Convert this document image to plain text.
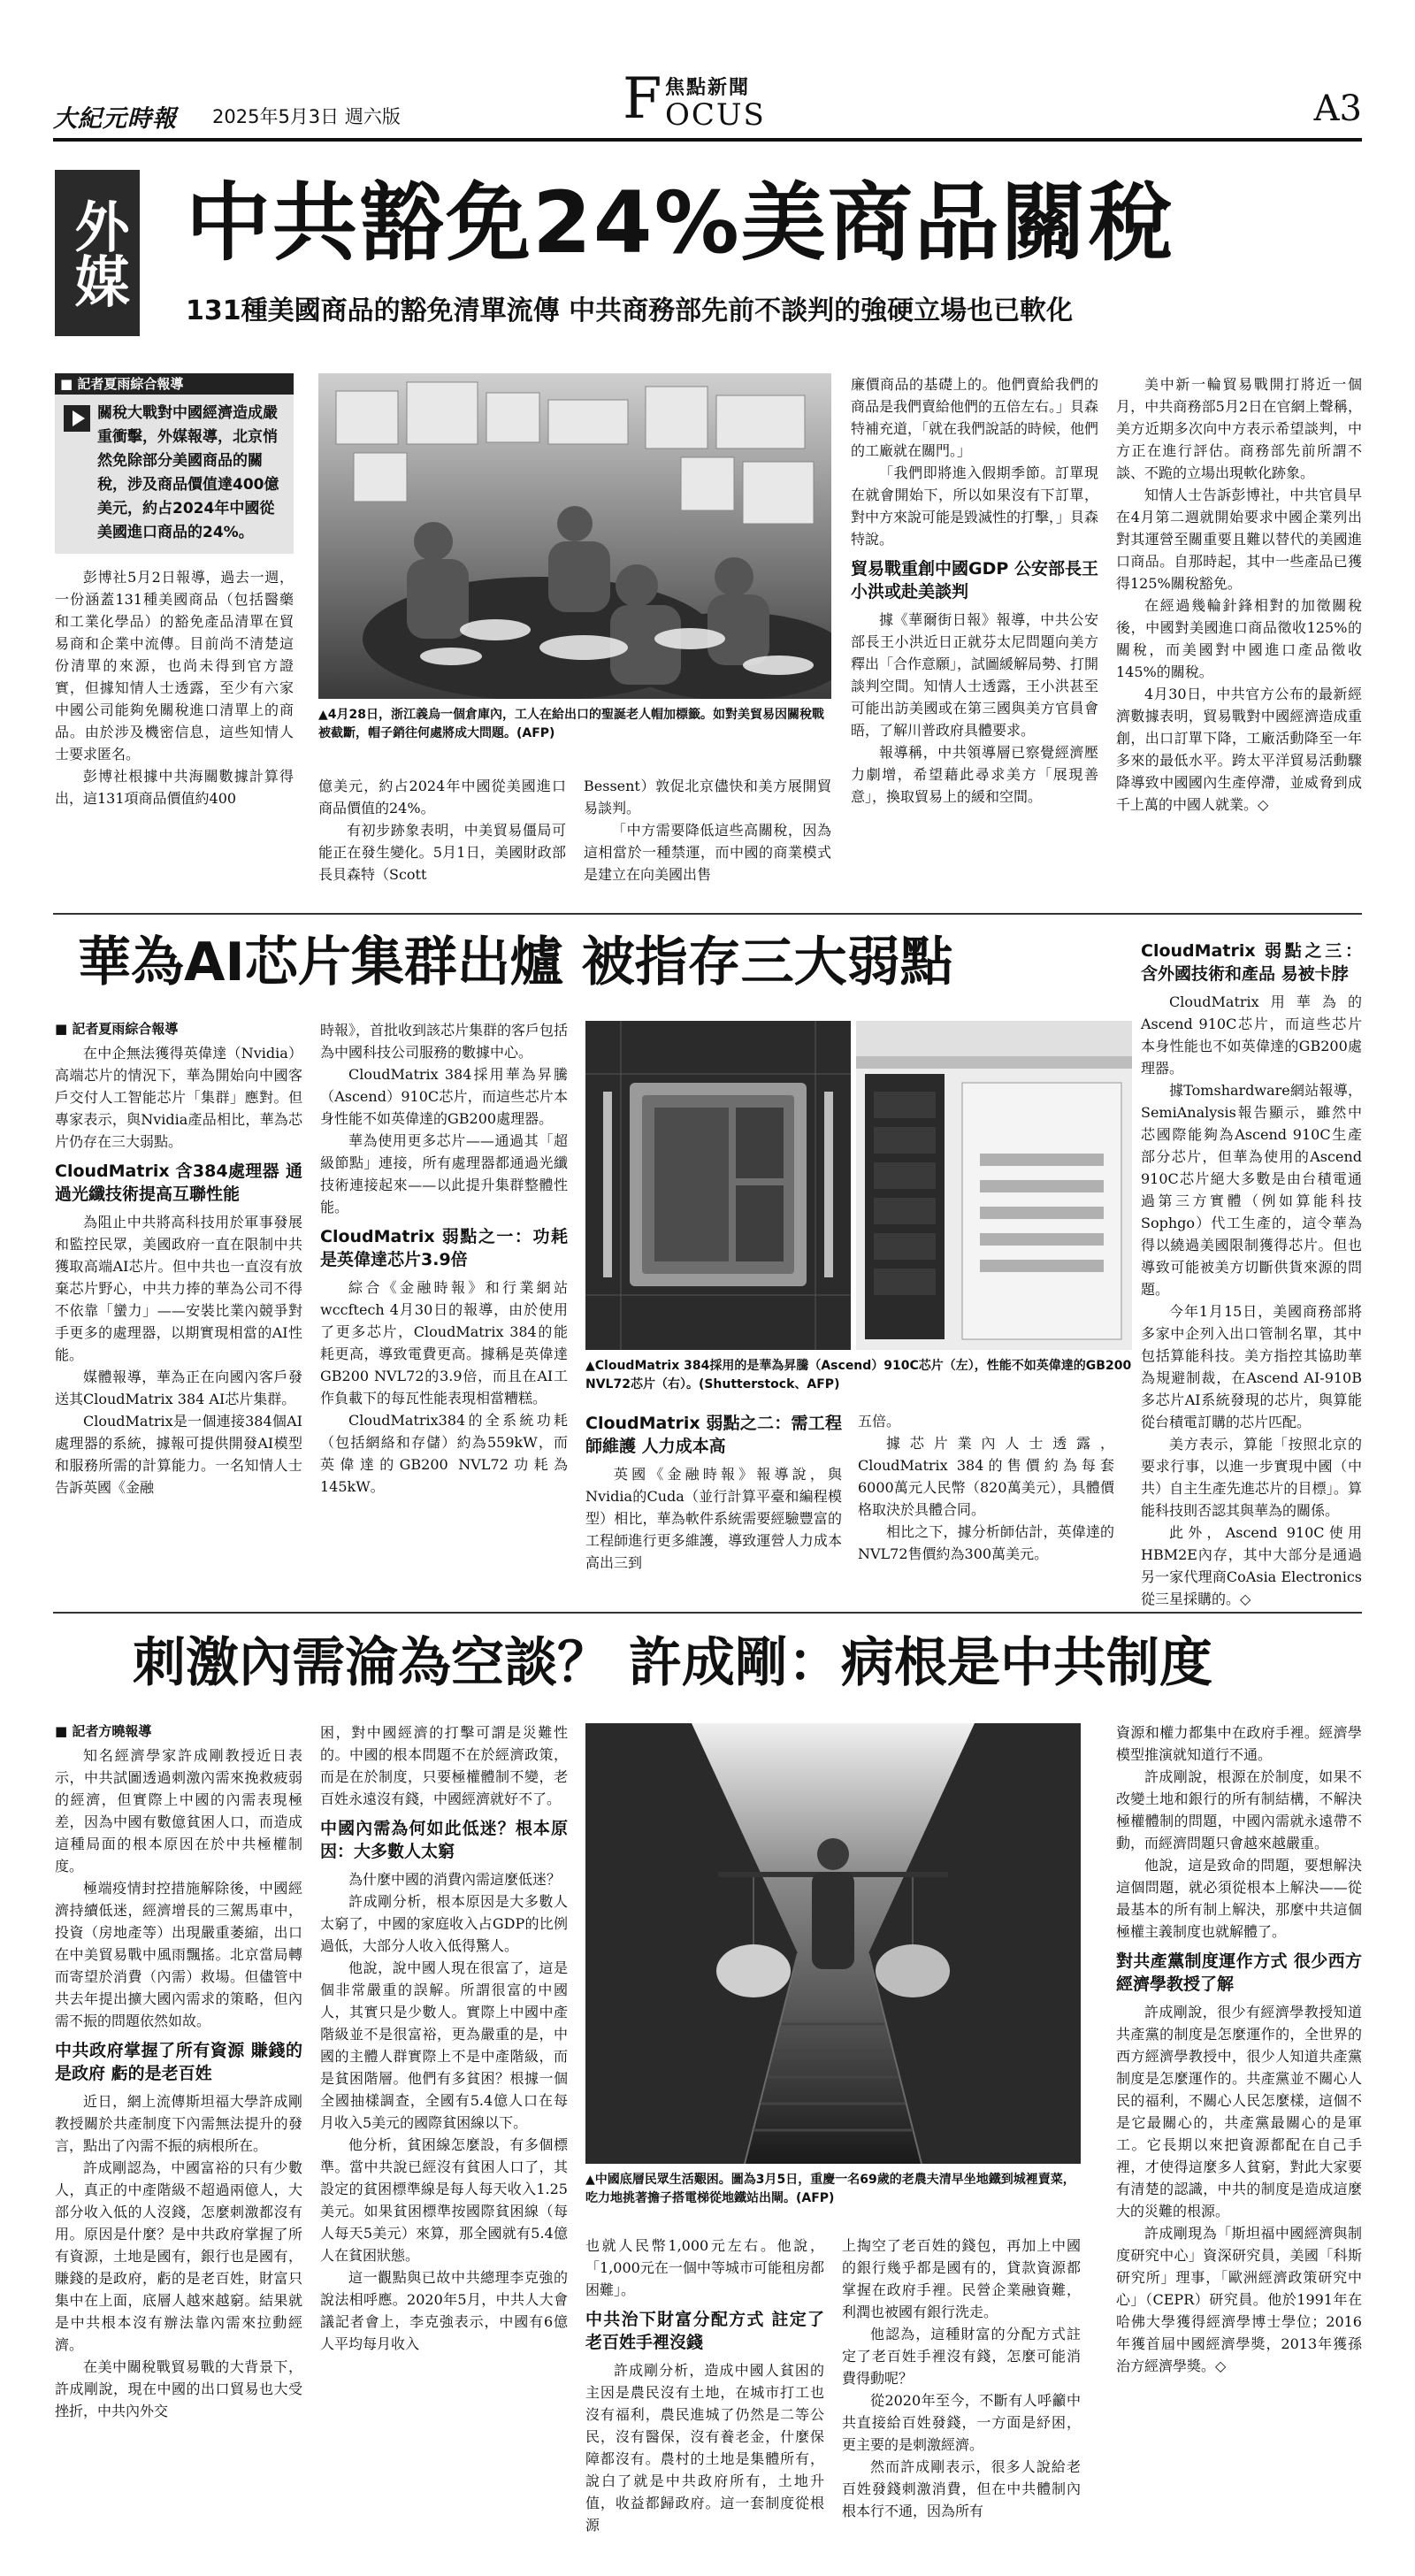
大紀元時報 2025年5月3日 週六版	F 焦點新聞
OCUS	A3
外媒 中共豁免24%美商品關稅
131種美國商品的豁免清單流傳 中共商務部先前不談判的強硬立場也已軟化
■ 記者夏雨綜合報導
關稅大戰對中國經濟造成嚴重衝擊，外媒報導，北京悄然免除部分美國商品的關稅，涉及商品價值達400億美元，約占2024年中國從美國進口商品的24%。

彭博社5月2日報導，過去一週，一份涵蓋131種美國商品（包括醫藥和工業化學品）的豁免產品清單在貿易商和企業中流傳。目前尚不清楚這份清單的來源，也尚未得到官方證實，但據知情人士透露，至少有六家中國公司能夠免關稅進口清單上的商品。由於涉及機密信息，這些知情人士要求匿名。

彭博社根據中共海關數據計算得出，這131項商品價值約400

▲4月28日，浙江義烏一個倉庫內，工人在給出口的聖誕老人帽加標籤。如對美貿易因關稅戰被截斷，帽子銷往何處將成大問題。(AFP)

億美元，約占2024年中國從美國進口商品價值的24%。

有初步跡象表明，中美貿易僵局可能正在發生變化。5月1日，美國財政部長貝森特（Scott

Bessent）敦促北京儘快和美方展開貿易談判。

「中方需要降低這些高關稅，因為這相當於一種禁運，而中國的商業模式是建立在向美國出售

廉價商品的基礎上的。他們賣給我們的商品是我們賣給他們的五倍左右。」貝森特補充道，「就在我們說話的時候，他們的工廠就在關門。」

「我們即將進入假期季節。訂單現在就會開始下，所以如果沒有下訂單，對中方來說可能是毀滅性的打擊，」貝森特說。

貿易戰重創中國GDP 公安部長王小洪或赴美談判

據《華爾街日報》報導，中共公安部長王小洪近日正就芬太尼問題向美方釋出「合作意願」，試圖緩解局勢、打開談判空間。知情人士透露，王小洪甚至可能出訪美國或在第三國與美方官員會晤，了解川普政府具體要求。

報導稱，中共領導層已察覺經濟壓力劇增，希望藉此尋求美方「展現善意」，換取貿易上的緩和空間。

美中新一輪貿易戰開打將近一個月，中共商務部5月2日在官網上聲稱，美方近期多次向中方表示希望談判，中方正在進行評估。商務部先前所謂不談、不跪的立場出現軟化跡象。

知情人士告訴彭博社，中共官員早在4月第二週就開始要求中國企業列出對其運營至關重要且難以替代的美國進口商品。自那時起，其中一些產品已獲得125%關稅豁免。

在經過幾輪針鋒相對的加徵關稅後，中國對美國進口商品徵收125%的關稅，而美國對中國進口產品徵收145%的關稅。

4月30日，中共官方公布的最新經濟數據表明，貿易戰對中國經濟造成重創，出口訂單下降，工廠活動降至一年多來的最低水平。跨太平洋貿易活動驟降導致中國國內生產停滯，並威脅到成千上萬的中國人就業。◇

華為AI芯片集群出爐 被指存三大弱點
■ 記者夏雨綜合報導

在中企無法獲得英偉達（Nvidia）高端芯片的情況下，華為開始向中國客戶交付人工智能芯片「集群」應對。但專家表示，與Nvidia產品相比，華為芯片仍存在三大弱點。

CloudMatrix 含384處理器 通過光纖技術提高互聯性能

為阻止中共將高科技用於軍事發展和監控民眾，美國政府一直在限制中共獲取高端AI芯片。但中共也一直沒有放棄芯片野心，中共力捧的華為公司不得不依靠「蠻力」——安裝比業內競爭對手更多的處理器，以期實現相當的AI性能。

媒體報導，華為正在向國內客戶發送其CloudMatrix 384 AI芯片集群。

CloudMatrix是一個連接384個AI處理器的系統，據報可提供開發AI模型和服務所需的計算能力。一名知情人士告訴英國《金融

時報》，首批收到該芯片集群的客戶包括為中國科技公司服務的數據中心。

CloudMatrix 384採用華為昇騰（Ascend）910C芯片，而這些芯片本身性能不如英偉達的GB200處理器。

華為使用更多芯片——通過其「超級節點」連接，所有處理器都通過光纖技術連接起來——以此提升集群整體性能。

CloudMatrix 弱點之一：功耗是英偉達芯片3.9倍

綜合《金融時報》和行業網站wccftech 4月30日的報導，由於使用了更多芯片，CloudMatrix 384的能耗更高，導致電費更高。據稱是英偉達GB200 NVL72的3.9倍，而且在AI工作負載下的每瓦性能表現相當糟糕。

CloudMatrix384的全系統功耗（包括網絡和存儲）約為559kW，而英偉達的GB200 NVL72功耗為145kW。

▲CloudMatrix 384採用的是華為昇騰（Ascend）910C芯片（左），性能不如英偉達的GB200 NVL72芯片（右）。(Shutterstock、AFP)
CloudMatrix 弱點之二：需工程師維護 人力成本高

英國《金融時報》報導說，與Nvidia的Cuda（並行計算平臺和編程模型）相比，華為軟件系統需要經驗豐富的工程師進行更多維護，導致運營人力成本高出三到

五倍。

據芯片業內人士透露，CloudMatrix 384的售價約為每套6000萬元人民幣（820萬美元），具體價格取決於具體合同。

相比之下，據分析師估計，英偉達的NVL72售價約為300萬美元。

CloudMatrix 弱點之三：含外國技術和產品 易被卡脖

CloudMatrix用華為的Ascend 910C芯片，而這些芯片本身性能也不如英偉達的GB200處理器。

據Tomshardware網站報導，SemiAnalysis報告顯示，雖然中芯國際能夠為Ascend 910C生產部分芯片，但華為使用的Ascend 910C芯片絕大多數是由台積電通過第三方實體（例如算能科技Sophgo）代工生產的，這令華為得以繞過美國限制獲得芯片。但也導致可能被美方切斷供貨來源的問題。

今年1月15日，美國商務部將多家中企列入出口管制名單，其中包括算能科技。美方指控其協助華為規避制裁，在Ascend AI-910B多芯片AI系統發現的芯片，與算能從台積電訂購的芯片匹配。

美方表示，算能「按照北京的要求行事，以進一步實現中國（中共）自主生產先進芯片的目標」。算能科技則否認其與華為的關係。

此外，Ascend 910C使用HBM2E內存，其中大部分是通過另一家代理商CoAsia Electronics從三星採購的。◇

刺激內需淪為空談？ 許成剛：病根是中共制度
■ 記者方曉報導

知名經濟學家許成剛教授近日表示，中共試圖透過刺激內需來挽救疲弱的經濟，但實際上中國的內需表現極差，因為中國有數億貧困人口，而造成這種局面的根本原因在於中共極權制度。

極端疫情封控措施解除後，中國經濟持續低迷，經濟增長的三駕馬車中，投資（房地產等）出現嚴重萎縮，出口在中美貿易戰中風雨飄搖。北京當局轉而寄望於消費（內需）救場。但儘管中共去年提出擴大國內需求的策略，但內需不振的問題依然如故。

中共政府掌握了所有資源 賺錢的是政府 虧的是老百姓

近日，網上流傳斯坦福大學許成剛教授關於共產制度下內需無法提升的發言，點出了內需不振的病根所在。

許成剛認為，中國富裕的只有少數人，真正的中產階級不超過兩億人，大部分收入低的人沒錢，怎麼刺激都沒有用。原因是什麼？是中共政府掌握了所有資源，土地是國有，銀行也是國有，賺錢的是政府，虧的是老百姓，財富只集中在上面，底層人越來越窮。結果就是中共根本沒有辦法靠內需來拉動經濟。

在美中關稅戰貿易戰的大背景下，許成剛說，現在中國的出口貿易也大受挫折，中共內外交

困，對中國經濟的打擊可謂是災難性的。中國的根本問題不在於經濟政策，而是在於制度，只要極權體制不變，老百姓永遠沒有錢，中國經濟就好不了。

中國內需為何如此低迷？根本原因：大多數人太窮

為什麼中國的消費內需這麼低迷？

許成剛分析，根本原因是大多數人太窮了，中國的家庭收入占GDP的比例過低，大部分人收入低得驚人。

他說，說中國人現在很富了，這是個非常嚴重的誤解。所謂很富的中國人，其實只是少數人。實際上中國中產階級並不是很富裕，更為嚴重的是，中國的主體人群實際上不是中產階級，而是貧困階層。他們有多貧困？根據一個全國抽樣調查，全國有5.4億人口在每月收入5美元的國際貧困線以下。

他分析，貧困線怎麼設，有多個標準。當中共說已經沒有貧困人口了，其設定的貧困標準線是每人每天收入1.25美元。如果貧困標準按國際貧困線（每人每天5美元）來算，那全國就有5.4億人在貧困狀態。

這一觀點與已故中共總理李克強的說法相呼應。2020年5月，中共人大會議記者會上，李克強表示，中國有6億人平均每月收入

▲中國底層民眾生活艱困。圖為3月5日，重慶一名69歲的老農夫清早坐地鐵到城裡賣菜，吃力地挑著擔子搭電梯從地鐵站出閘。(AFP)

也就人民幣1,000元左右。他說，「1,000元在一個中等城市可能租房都困難」。

中共治下財富分配方式 註定了老百姓手裡沒錢

許成剛分析，造成中國人貧困的主因是農民沒有土地，在城市打工也沒有福利，農民進城了仍然是二等公民，沒有醫保，沒有養老金，什麼保障都沒有。農村的土地是集體所有，說白了就是中共政府所有，土地升值，收益都歸政府。這一套制度從根源

上掏空了老百姓的錢包，再加上中國的銀行幾乎都是國有的，貸款資源都掌握在政府手裡。民營企業融資難，利潤也被國有銀行洗走。

他認為，這種財富的分配方式註定了老百姓手裡沒有錢，怎麼可能消費得動呢？

從2020年至今，不斷有人呼籲中共直接給百姓發錢，一方面是紓困，更主要的是刺激經濟。

然而許成剛表示，很多人說給老百姓發錢刺激消費，但在中共體制內根本行不通，因為所有

資源和權力都集中在政府手裡。經濟學模型推演就知道行不通。

許成剛說，根源在於制度，如果不改變土地和銀行的所有制結構，不解決極權體制的問題，中國內需就永遠帶不動，而經濟問題只會越來越嚴重。

他說，這是致命的問題，要想解決這個問題，就必須從根本上解決——從最基本的所有制上解決，那麼中共這個極權主義制度也就解體了。

對共產黨制度運作方式 很少西方經濟學教授了解

許成剛說，很少有經濟學教授知道共產黨的制度是怎麼運作的，全世界的西方經濟學教授中，很少人知道共產黨制度是怎麼運作的。共產黨並不關心人民的福利，不關心人民怎麼樣，這個不是它最關心的，共產黨最關心的是軍工。它長期以來把資源都配在自己手裡，才使得這麼多人貧窮，對此大家要有清楚的認識，中共的制度是造成這麼大的災難的根源。

許成剛現為「斯坦福中國經濟與制度研究中心」資深研究員，美國「科斯研究所」理事，「歐洲經濟政策研究中心」（CEPR）研究員。他於1991年在哈佛大學獲得經濟學博士學位；2016年獲首屆中國經濟學獎，2013年獲孫治方經濟學獎。◇
